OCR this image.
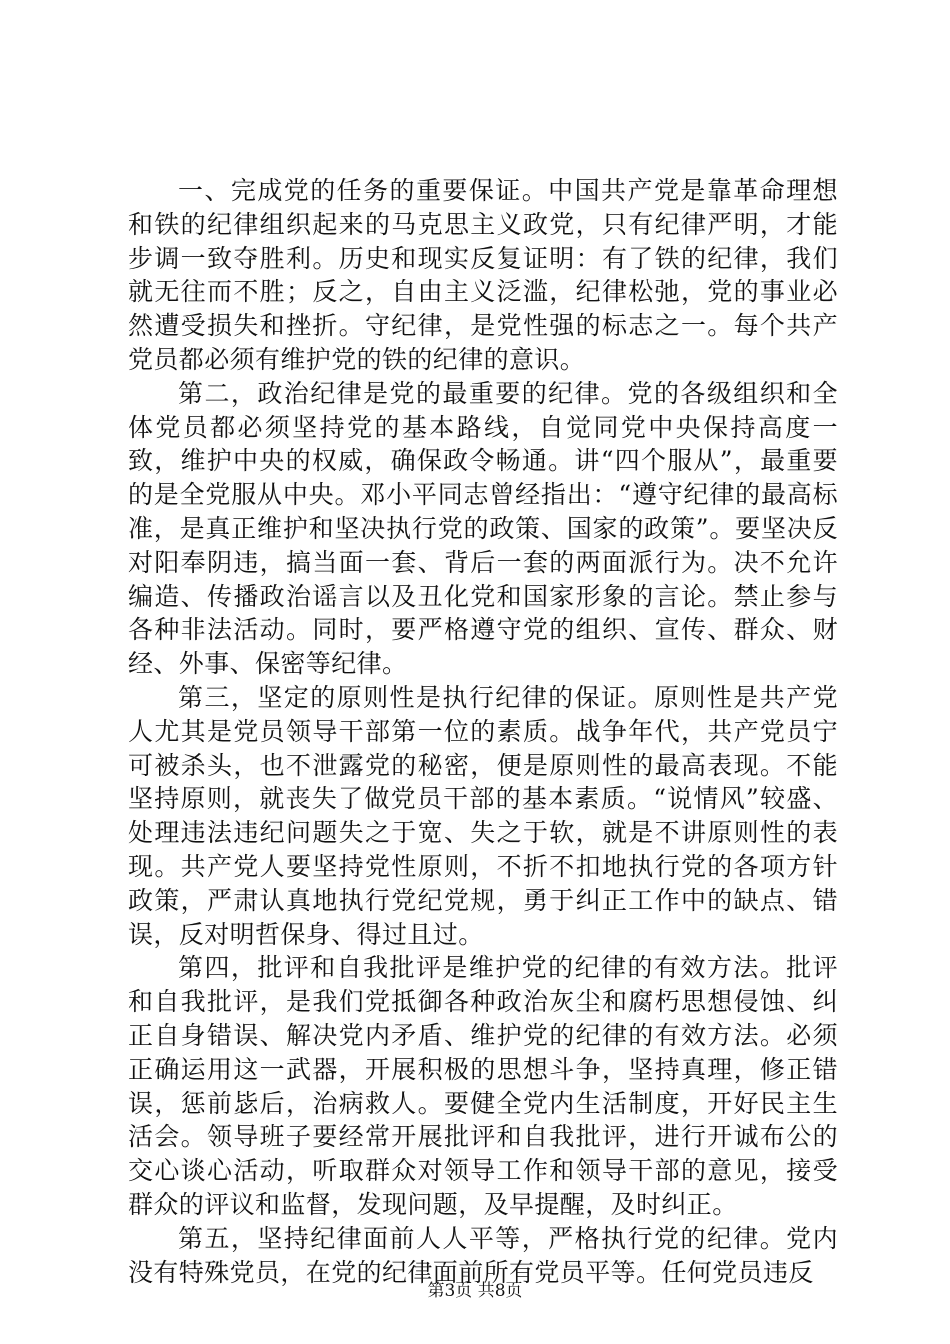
一、完成党的任务的重要保证。中国共产党是靠革命理想和铁的纪律组织起来的马克思主义政党，只有纪律严明，才能步调一致夺胜利。历史和现实反复证明：有了铁的纪律，我们就无往而不胜；反之，自由主义泛滥，纪律松弛，党的事业必然遭受损失和挫折。守纪律，是党性强的标志之一。每个共产党员都必须有维护党的铁的纪律的意识。

第二，政治纪律是党的最重要的纪律。党的各级组织和全体党员都必须坚持党的基本路线，自觉同党中央保持高度一致，维护中央的权威，确保政令畅通。讲“四个服从”，最重要的是全党服从中央。邓小平同志曾经指出：“遵守纪律的最高标准，是真正维护和坚决执行党的政策、国家的政策”。要坚决反对阳奉阴违，搞当面一套、背后一套的两面派行为。决不允许编造、传播政治谣言以及丑化党和国家形象的言论。禁止参与各种非法活动。同时，要严格遵守党的组织、宣传、群众、财经、外事、保密等纪律。

第三，坚定的原则性是执行纪律的保证。原则性是共产党人尤其是党员领导干部第一位的素质。战争年代，共产党员宁可被杀头，也不泄露党的秘密，便是原则性的最高表现。不能坚持原则，就丧失了做党员干部的基本素质。“说情风”较盛、处理违法违纪问题失之于宽、失之于软，就是不讲原则性的表现。共产党人要坚持党性原则，不折不扣地执行党的各项方针政策，严肃认真地执行党纪党规，勇于纠正工作中的缺点、错误，反对明哲保身、得过且过。

第四，批评和自我批评是维护党的纪律的有效方法。批评和自我批评，是我们党抵御各种政治灰尘和腐朽思想侵蚀、纠正自身错误、解决党内矛盾、维护党的纪律的有效方法。必须正确运用这一武器，开展积极的思想斗争，坚持真理，修正错误，惩前毖后，治病救人。要健全党内生活制度，开好民主生活会。领导班子要经常开展批评和自我批评，进行开诚布公的交心谈心活动，听取群众对领导工作和领导干部的意见，接受群众的评议和监督，发现问题，及早提醒，及时纠正。

第五，坚持纪律面前人人平等，严格执行党的纪律。党内没有特殊党员，在党的纪律面前所有党员平等。任何党员违反

第3页 共8页
